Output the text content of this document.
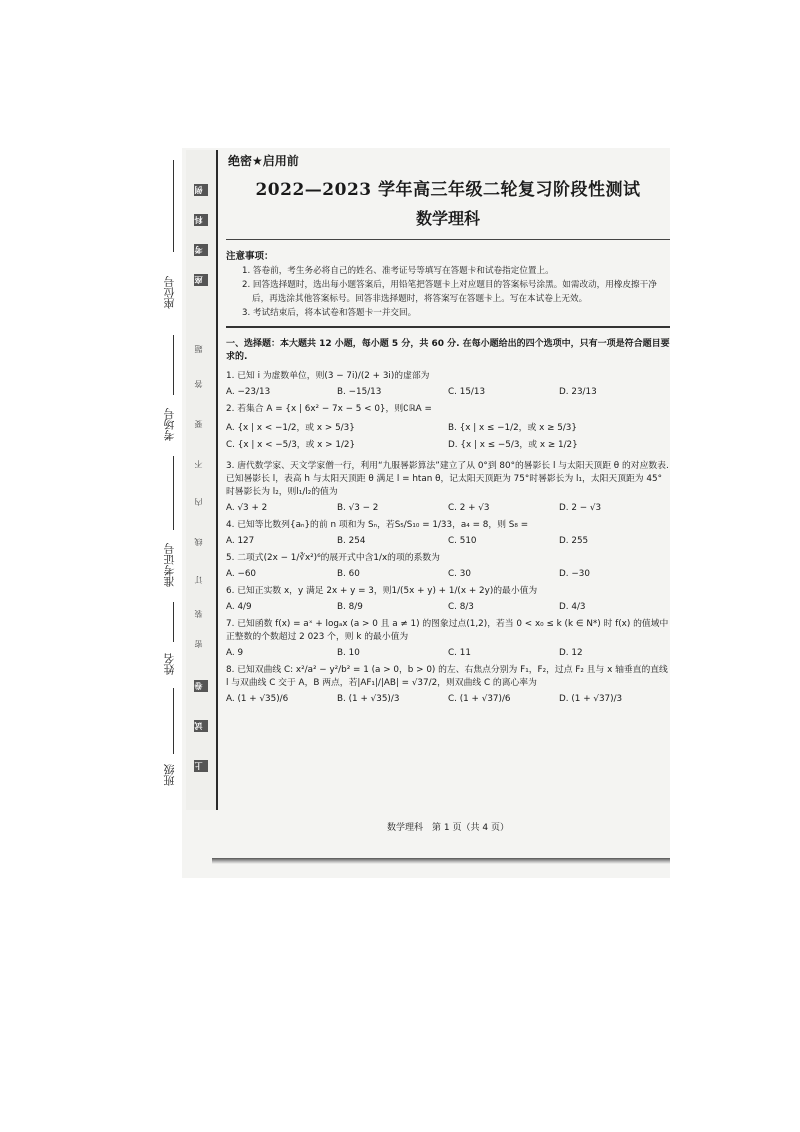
座位号
考场号
准考证号
姓名
班级
例
科
考
座
题
答
要
不
内
线
订
装
密
卷
试
上
绝密★启用前
2022—2023 学年高三年级二轮复习阶段性测试
数学理科
注意事项：
1. 答卷前，考生务必将自己的姓名、准考证号等填写在答题卡和试卷指定位置上。
2. 回答选择题时，选出每小题答案后，用铅笔把答题卡上对应题目的答案标号涂黑。如需改动，用橡皮擦干净后，再选涂其他答案标号。回答非选择题时，将答案写在答题卡上。写在本试卷上无效。
3. 考试结束后，将本试卷和答题卡一并交回。
一、选择题：本大题共 12 小题，每小题 5 分，共 60 分. 在每小题给出的四个选项中，只有一项是符合题目要求的.
1. 已知 i 为虚数单位，则(3 − 7i)/(2 + 3i)的虚部为
A. −23/13	B. −15/13	C. 15/13	D. 23/13
2. 若集合 A = {x | 6x² − 7x − 5 < 0}，则∁ℝA =
A. {x | x < −1/2，或 x > 5/3}	B. {x | x ≤ −1/2，或 x ≥ 5/3}
C. {x | x < −5/3，或 x > 1/2}	D. {x | x ≤ −5/3，或 x ≥ 1/2}
3. 唐代数学家、天文学家僧一行，利用“九服晷影算法”建立了从 0°到 80°的晷影长 l 与太阳天顶距 θ 的对应数表. 已知晷影长 l，表高 h 与太阳天顶距 θ 满足 l = htan θ，记太阳天顶距为 75°时晷影长为 l₁，太阳天顶距为 45°时晷影长为 l₂，则l₁/l₂的值为
A. √3 + 2	B. √3 − 2	C. 2 + √3	D. 2 − √3
4. 已知等比数列{aₙ}的前 n 项和为 Sₙ，若S₅/S₁₀ = 1/33，a₄ = 8，则 S₈ =
A. 127	B. 254	C. 510	D. 255
5. 二项式(2x − 1/∛x²)⁶的展开式中含1/x的项的系数为
A. −60	B. 60	C. 30	D. −30
6. 已知正实数 x，y 满足 2x + y = 3，则1/(5x + y) + 1/(x + 2y)的最小值为
A. 4/9	B. 8/9	C. 8/3	D. 4/3
7. 已知函数 f(x) = aˣ + logₐx (a > 0 且 a ≠ 1) 的图象过点(1,2)，若当 0 < x₀ ≤ k (k ∈ N*) 时 f(x) 的值域中正整数的个数超过 2 023 个，则 k 的最小值为
A. 9	B. 10	C. 11	D. 12
8. 已知双曲线 C: x²/a² − y²/b² = 1 (a > 0，b > 0) 的左、右焦点分别为 F₁，F₂，过点 F₂ 且与 x 轴垂直的直线 l 与双曲线 C 交于 A，B 两点，若|AF₁|/|AB| = √37/2，则双曲线 C 的离心率为
A. (1 + √35)/6	B. (1 + √35)/3	C. (1 + √37)/6	D. (1 + √37)/3
数学理科　第 1 页（共 4 页）
